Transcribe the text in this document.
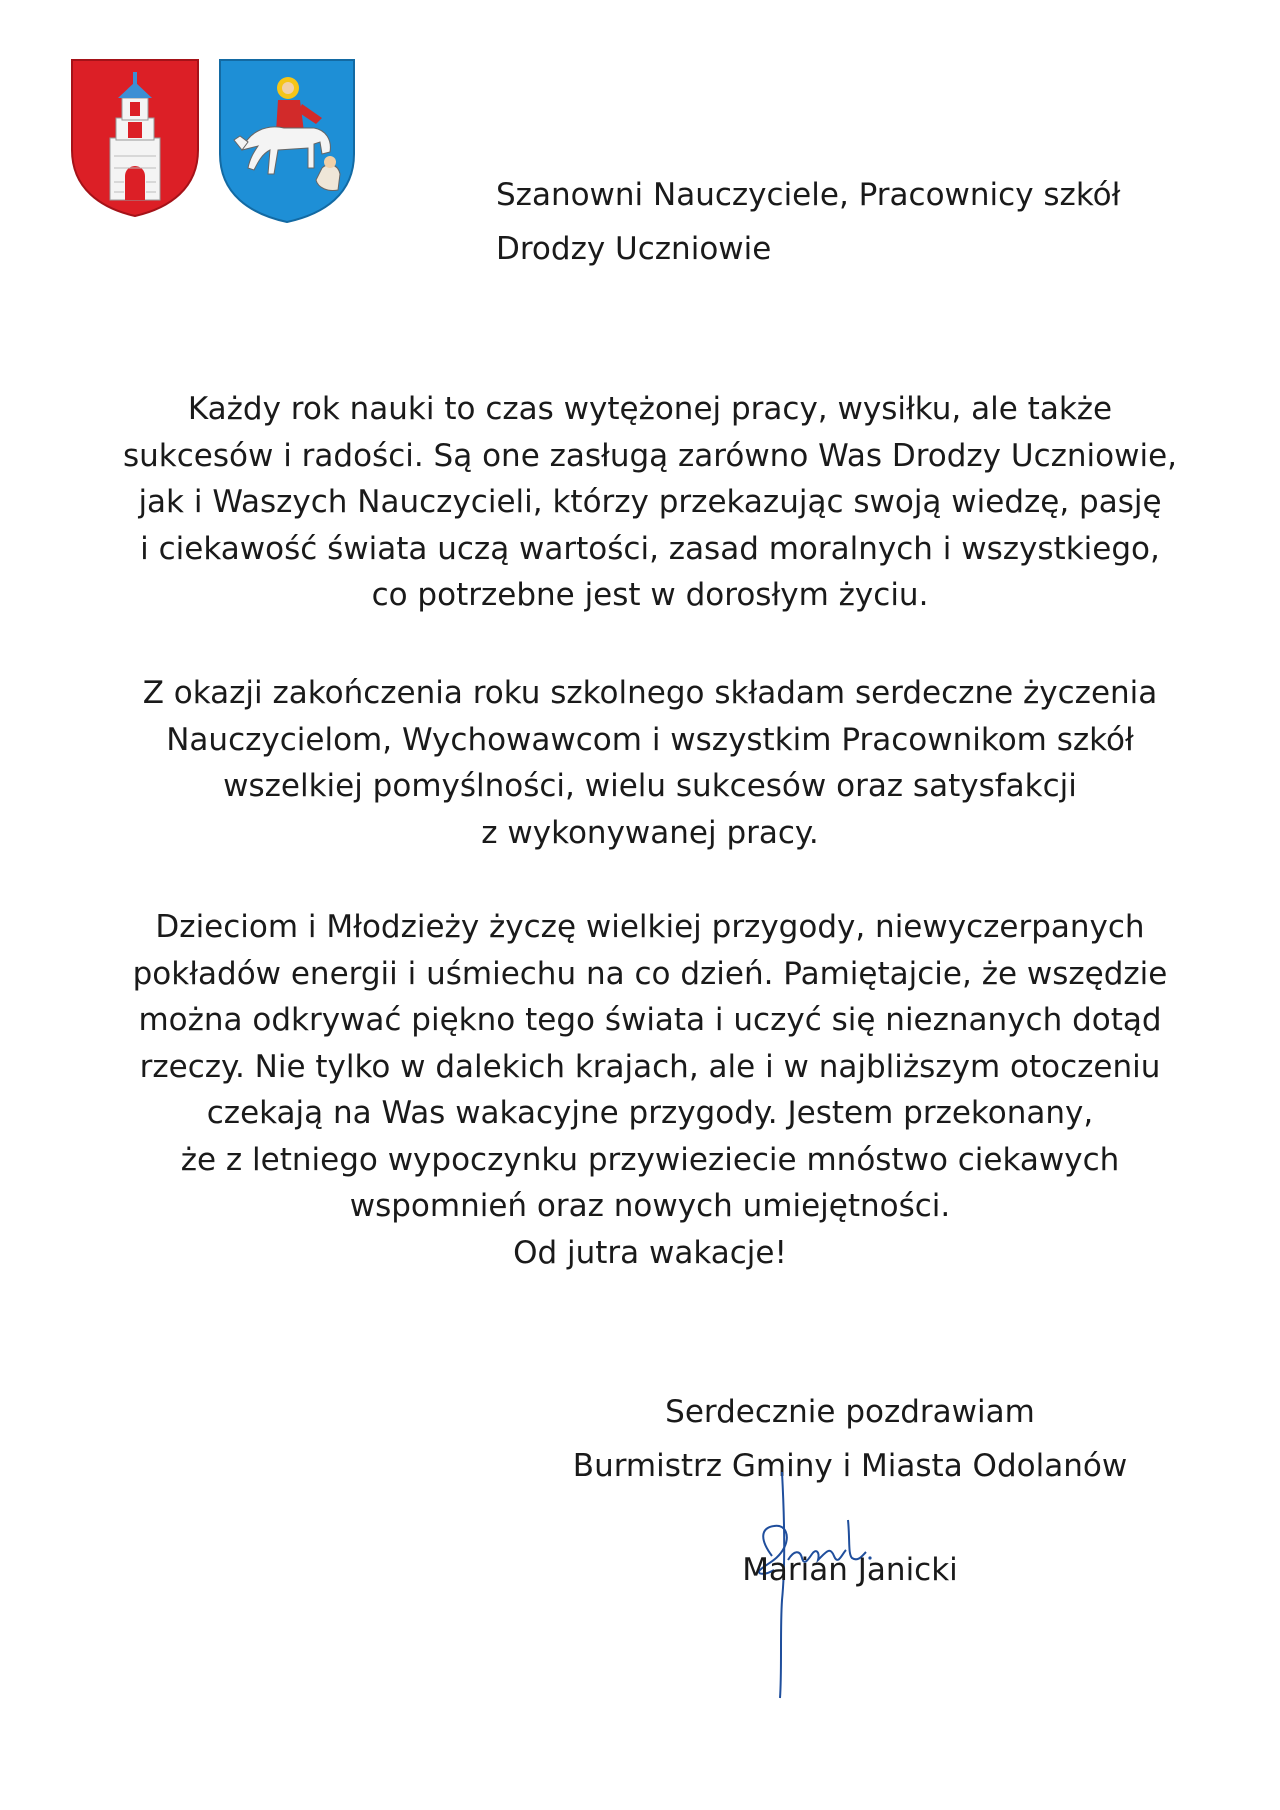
Szanowni Nauczyciele, Pracownicy szkół
Drodzy Uczniowie
Każdy rok nauki to czas wytężonej pracy, wysiłku, ale także
sukcesów i radości. Są one zasługą zarówno Was Drodzy Uczniowie,
jak i Waszych Nauczycieli, którzy przekazując swoją wiedzę, pasję
i ciekawość świata uczą wartości, zasad moralnych i wszystkiego,
co potrzebne jest w dorosłym życiu.
Z okazji zakończenia roku szkolnego składam serdeczne życzenia
Nauczycielom, Wychowawcom i wszystkim Pracownikom szkół
wszelkiej pomyślności, wielu sukcesów oraz satysfakcji
z wykonywanej pracy.
Dzieciom i Młodzieży życzę wielkiej przygody, niewyczerpanych
pokładów energii i uśmiechu na co dzień. Pamiętajcie, że wszędzie
można odkrywać piękno tego świata i uczyć się nieznanych dotąd
rzeczy. Nie tylko w dalekich krajach, ale i w najbliższym otoczeniu
czekają na Was wakacyjne przygody. Jestem przekonany,
że z letniego wypoczynku przywieziecie mnóstwo ciekawych
wspomnień oraz nowych umiejętności.
Od jutra wakacje!
Serdecznie pozdrawiam
Burmistrz Gminy i Miasta Odolanów
Marian Janicki
